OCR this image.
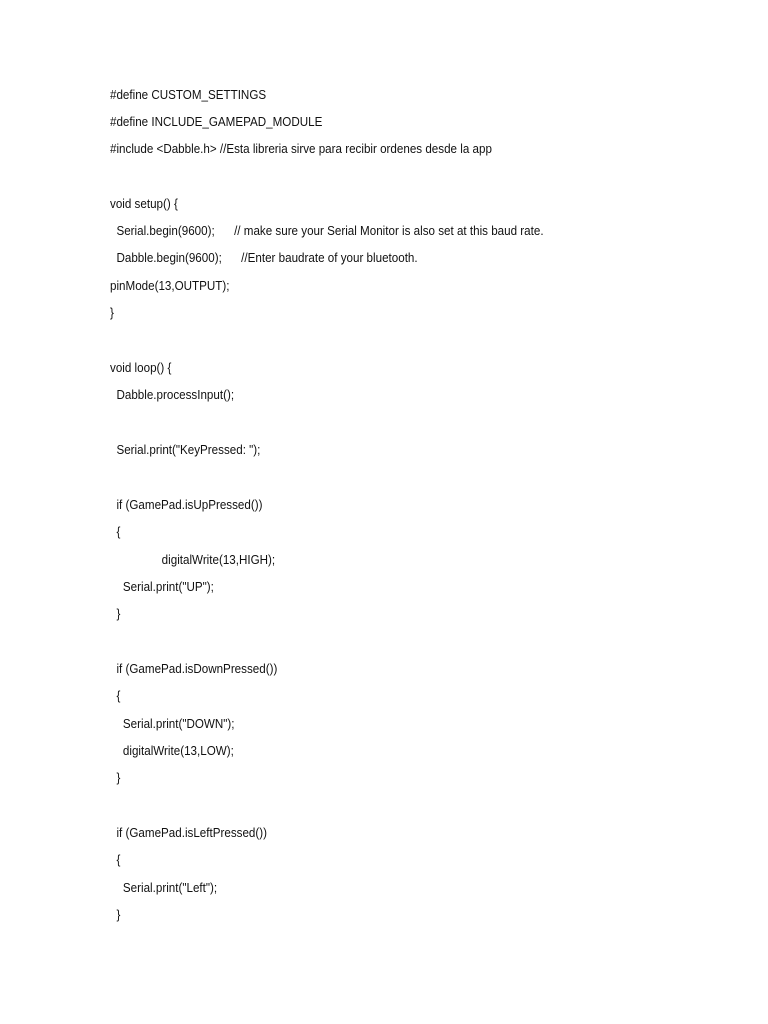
#define CUSTOM_SETTINGS
#define INCLUDE_GAMEPAD_MODULE
#include <Dabble.h> //Esta libreria sirve para recibir ordenes desde la app
void setup() {
Serial.begin(9600);      // make sure your Serial Monitor is also set at this baud rate.
Dabble.begin(9600);      //Enter baudrate of your bluetooth.
pinMode(13,OUTPUT);
}
void loop() {
Dabble.processInput();
Serial.print("KeyPressed: ");
if (GamePad.isUpPressed())
{
digitalWrite(13,HIGH);
Serial.print("UP");
}
if (GamePad.isDownPressed())
{
Serial.print("DOWN");
digitalWrite(13,LOW);
}
if (GamePad.isLeftPressed())
{
Serial.print("Left");
}
